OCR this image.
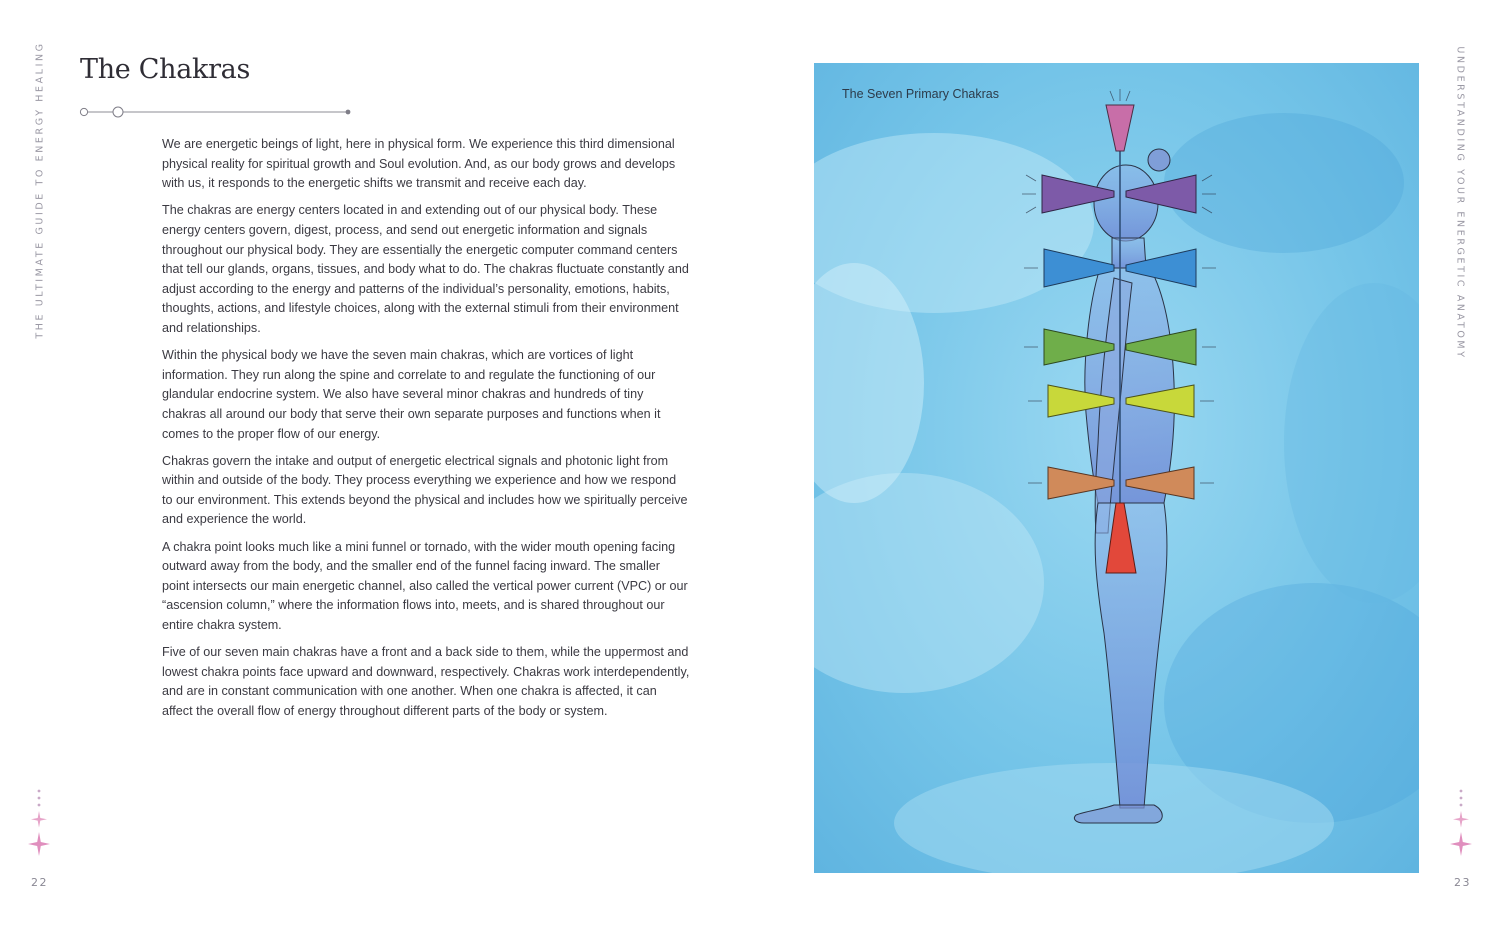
THE ULTIMATE GUIDE TO ENERGY HEALING	UNDERSTANDING YOUR ENERGETIC ANATOMY
22	23
The Chakras

We are energetic beings of light, here in physical form. We experience this third dimensional physical reality for spiritual growth and Soul evolution. And, as our body grows and develops with us, it responds to the energetic shifts we transmit and receive each day.

The chakras are energy centers located in and extending out of our physical body. These energy centers govern, digest, process, and send out energetic information and signals throughout our physical body. They are essentially the energetic computer command centers that tell our glands, organs, tissues, and body what to do. The chakras fluctuate constantly and adjust according to the energy and patterns of the individual’s personality, emotions, habits, thoughts, actions, and lifestyle choices, along with the external stimuli from their environment and relationships.

Within the physical body we have the seven main chakras, which are vortices of light information. They run along the spine and correlate to and regulate the functioning of our glandular endocrine system. We also have several minor chakras and hundreds of tiny chakras all around our body that serve their own separate purposes and functions when it comes to the proper flow of our energy.

Chakras govern the intake and output of energetic electrical signals and photonic light from within and outside of the body. They process everything we experience and how we respond to our environment. This extends beyond the physical and includes how we spiritually perceive and experience the world.

A chakra point looks much like a mini funnel or tornado, with the wider mouth opening facing outward away from the body, and the smaller end of the funnel facing inward. The smaller point intersects our main energetic channel, also called the vertical power current (VPC) or our “ascension column,” where the information flows into, meets, and is shared throughout our entire chakra system.

Five of our seven main chakras have a front and a back side to them, while the uppermost and lowest chakra points face upward and downward, respectively. Chakras work interdependently, and are in constant communication with one another. When one chakra is affected, it can affect the overall flow of energy throughout different parts of the body or system.

The Seven Primary Chakras
